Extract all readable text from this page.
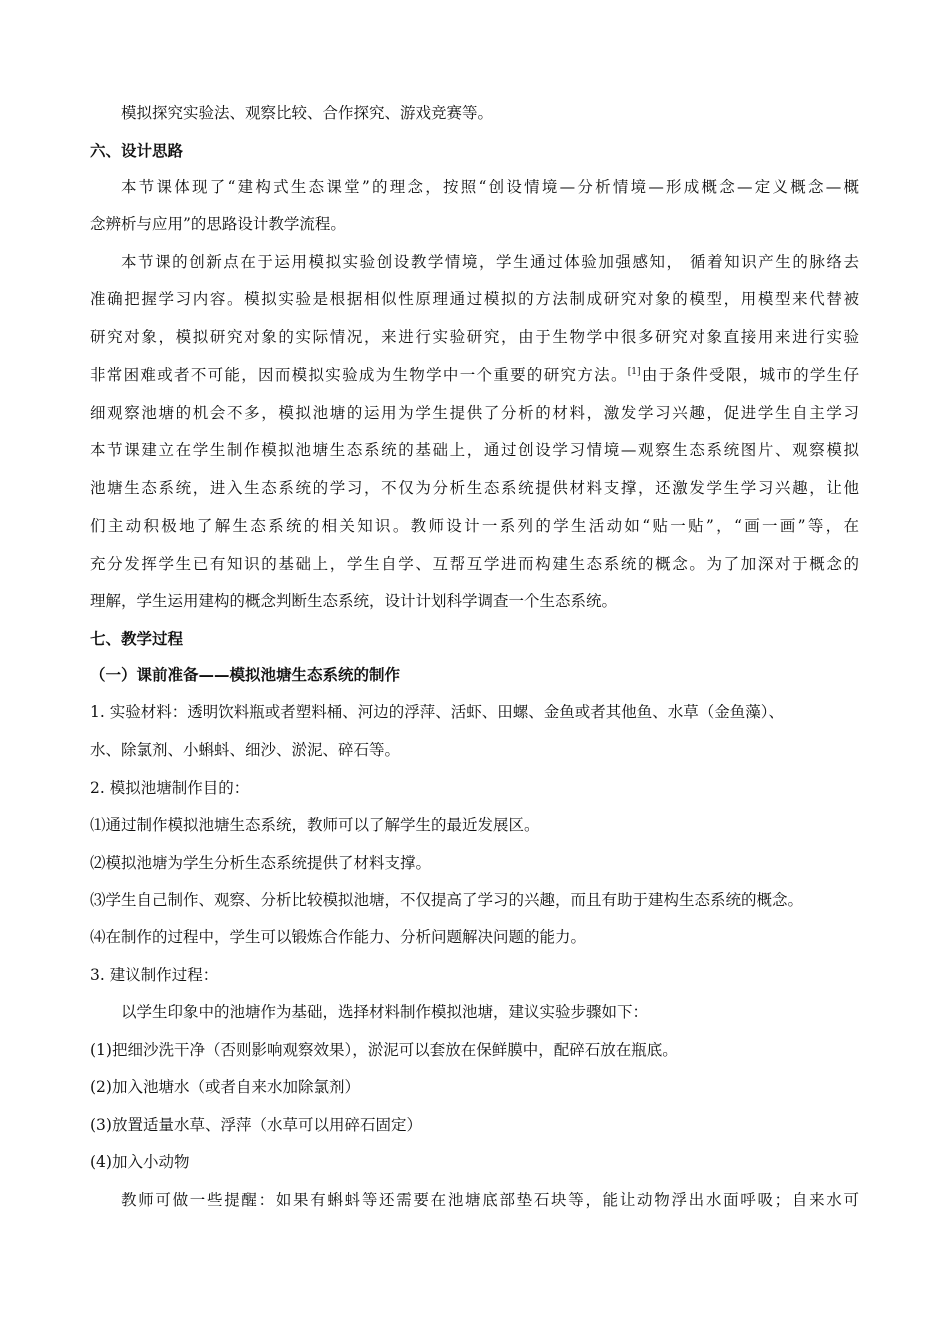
模拟探究实验法、观察比较、合作探究、游戏竞赛等。
六、设计思路
本节课体现了“建构式生态课堂”的理念，按照“创设情境—分析情境—形成概念—定义概念—概
念辨析与应用”的思路设计教学流程。
本节课的创新点在于运用模拟实验创设教学情境，学生通过体验加强感知， 循着知识产生的脉络去
准确把握学习内容。模拟实验是根据相似性原理通过模拟的方法制成研究对象的模型，用模型来代替被
研究对象，模拟研究对象的实际情况，来进行实验研究，由于生物学中很多研究对象直接用来进行实验
非常困难或者不可能，因而模拟实验成为生物学中一个重要的研究方法。[1]由于条件受限，城市的学生仔
细观察池塘的机会不多，模拟池塘的运用为学生提供了分析的材料，激发学习兴趣，促进学生自主学习
本节课建立在学生制作模拟池塘生态系统的基础上，通过创设学习情境—观察生态系统图片、观察模拟
池塘生态系统，进入生态系统的学习，不仅为分析生态系统提供材料支撑，还激发学生学习兴趣，让他
们主动积极地了解生态系统的相关知识。教师设计一系列的学生活动如“贴一贴”，“画一画”等，在
充分发挥学生已有知识的基础上，学生自学、互帮互学进而构建生态系统的概念。为了加深对于概念的
理解，学生运用建构的概念判断生态系统，设计计划科学调查一个生态系统。
七、教学过程
（一）课前准备——模拟池塘生态系统的制作
1. 实验材料：透明饮料瓶或者塑料桶、河边的浮萍、活虾、田螺、金鱼或者其他鱼、水草（金鱼藻）、
水、除氯剂、小蝌蚪、细沙、淤泥、碎石等。
2. 模拟池塘制作目的：
⑴通过制作模拟池塘生态系统，教师可以了解学生的最近发展区。
⑵模拟池塘为学生分析生态系统提供了材料支撑。
⑶学生自己制作、观察、分析比较模拟池塘，不仅提高了学习的兴趣，而且有助于建构生态系统的概念。
⑷在制作的过程中，学生可以锻炼合作能力、分析问题解决问题的能力。
3. 建议制作过程：
以学生印象中的池塘作为基础，选择材料制作模拟池塘，建议实验步骤如下：
(1)把细沙洗干净（否则影响观察效果），淤泥可以套放在保鲜膜中，配碎石放在瓶底。
(2)加入池塘水（或者自来水加除氯剂）
(3)放置适量水草、浮萍（水草可以用碎石固定）
(4)加入小动物
教师可做一些提醒：如果有蝌蚪等还需要在池塘底部垫石块等，能让动物浮出水面呼吸；自来水可
